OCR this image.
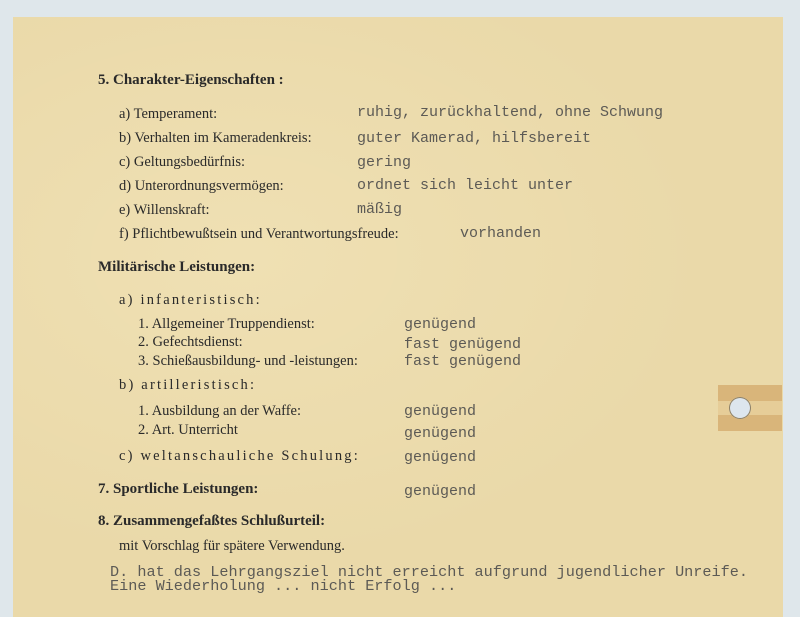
5. Charakter-Eigenschaften :
a) Temperament:	ruhig, zurückhaltend, ohne Schwung
b) Verhalten im Kameradenkreis:	guter Kamerad, hilfsbereit
c) Geltungsbedürfnis:	gering
d) Unterordnungsvermögen:	ordnet sich leicht unter
e) Willenskraft:	mäßig
f) Pflichtbewußtsein und Verantwortungsfreude:	vorhanden
Militärische Leistungen:
a) infanteristisch:
1. Allgemeiner Truppendienst:	genügend
2. Gefechtsdienst:	fast genügend
3. Schießausbildung- und -leistungen:	fast genügend
b) artilleristisch:
1. Ausbildung an der Waffe:	genügend
2. Art. Unterricht	genügend
c) weltanschauliche Schulung:	genügend
7. Sportliche Leistungen:	genügend
8. Zusammengefaßtes Schlußurteil:
mit Vorschlag für spätere Verwendung.
D. hat das Lehrgangsziel nicht erreicht aufgrund jugendlicher Unreife.
Eine Wiederholung ... nicht Erfolg ...
